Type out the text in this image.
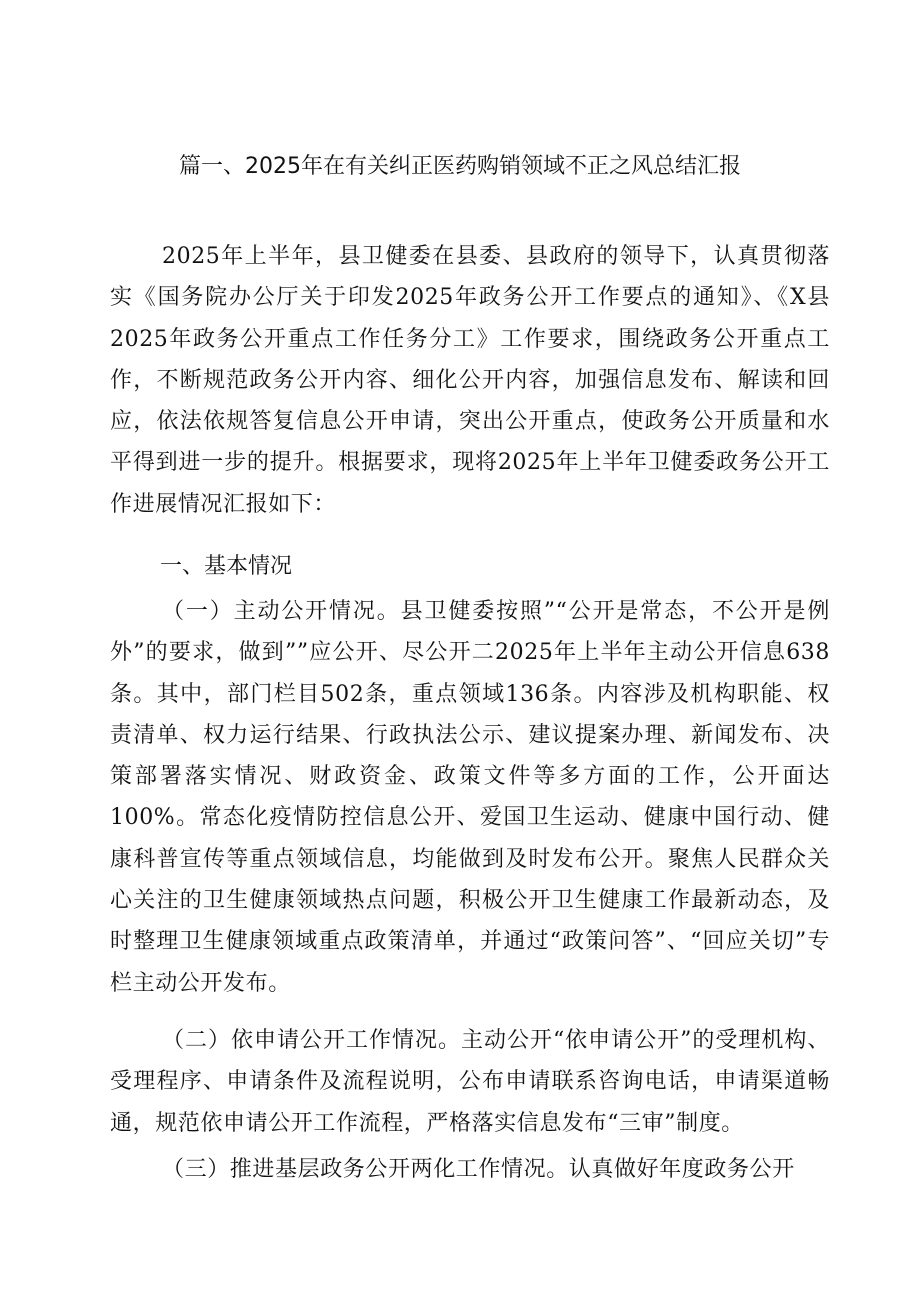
篇一、2025年在有关纠正医药购销领域不正之风总结汇报

2025年上半年，县卫健委在县委、县政府的领导下，认真贯彻落实《国务院办公厅关于印发2025年政务公开工作要点的通知》、《X县2025年政务公开重点工作任务分工》工作要求，围绕政务公开重点工作，不断规范政务公开内容、细化公开内容，加强信息发布、解读和回应，依法依规答复信息公开申请，突出公开重点，使政务公开质量和水平得到进一步的提升。根据要求，现将2025年上半年卫健委政务公开工作进展情况汇报如下：

一、基本情况

（一）主动公开情况。县卫健委按照”“公开是常态，不公开是例外”的要求，做到””应公开、尽公开二2025年上半年主动公开信息638条。其中，部门栏目502条，重点领域136条。内容涉及机构职能、权责清单、权力运行结果、行政执法公示、建议提案办理、新闻发布、决策部署落实情况、财政资金、政策文件等多方面的工作，公开面达100%。常态化疫情防控信息公开、爱国卫生运动、健康中国行动、健康科普宣传等重点领域信息，均能做到及时发布公开。聚焦人民群众关心关注的卫生健康领域热点问题，积极公开卫生健康工作最新动态，及时整理卫生健康领域重点政策清单，并通过“政策问答”、“回应关切”专栏主动公开发布。

（二）依申请公开工作情况。主动公开“依申请公开”的受理机构、受理程序、申请条件及流程说明，公布申请联系咨询电话，申请渠道畅通，规范依申请公开工作流程，严格落实信息发布“三审”制度。

（三）推进基层政务公开两化工作情况。认真做好年度政务公开
